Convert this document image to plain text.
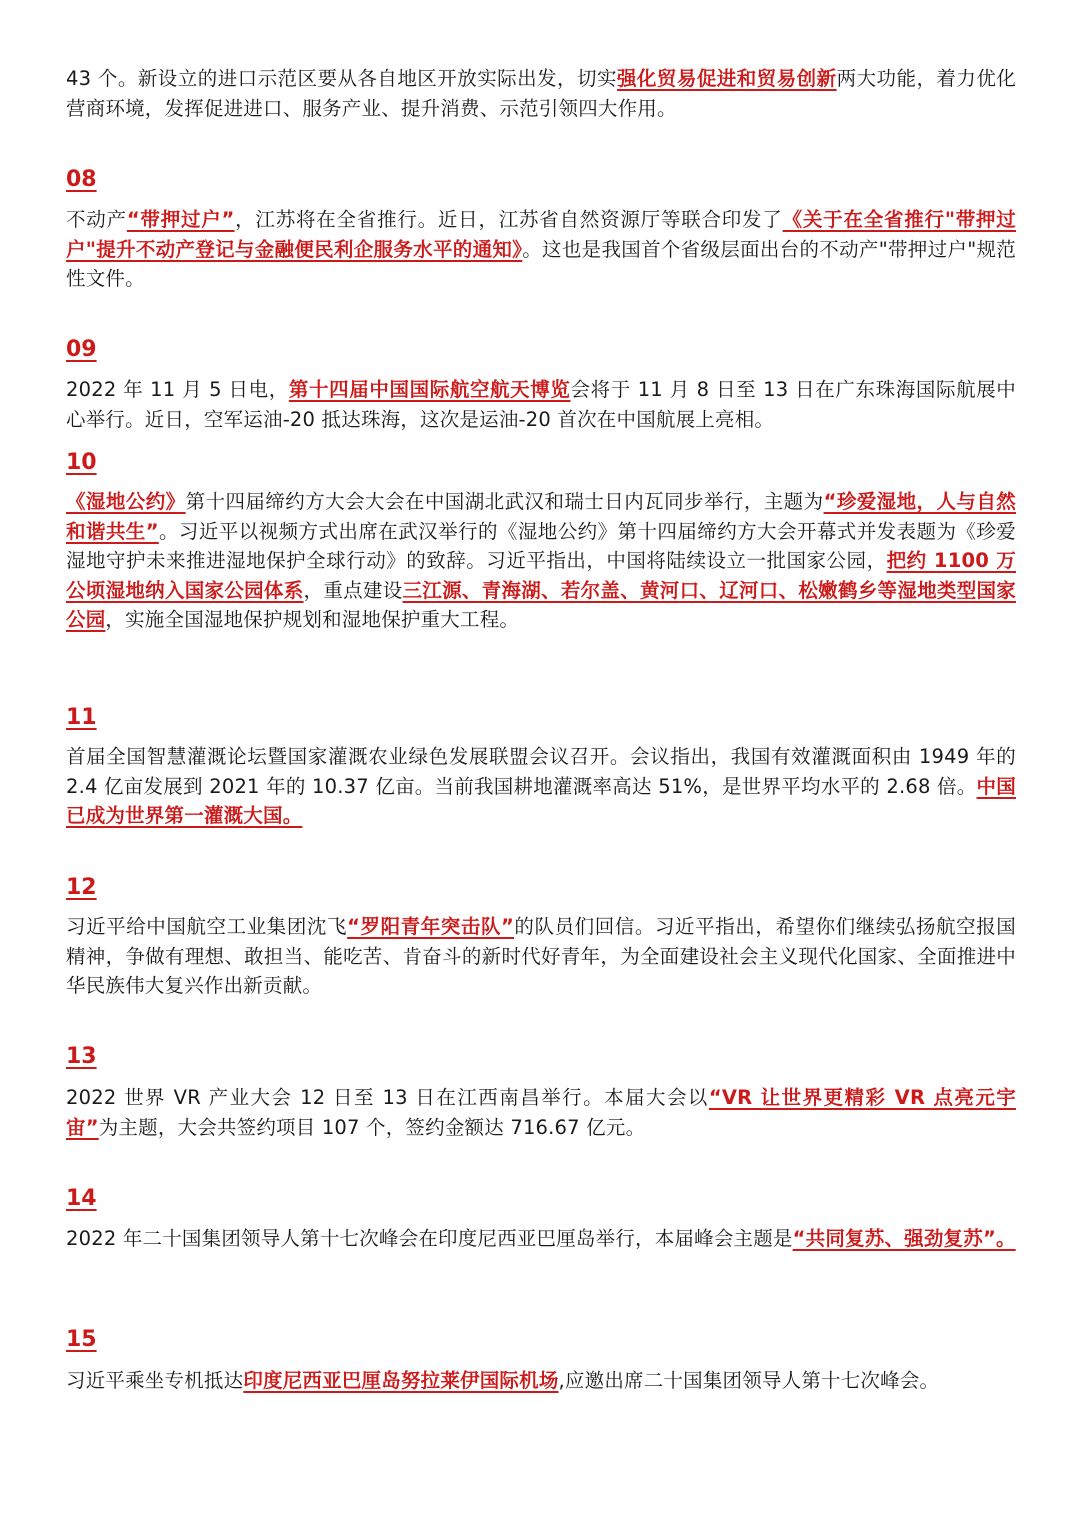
43 个。新设立的进口示范区要从各自地区开放实际出发，切实强化贸易促进和贸易创新两大功能，着力优化营商环境，发挥促进进口、服务产业、提升消费、示范引领四大作用。

08

不动产“带押过户”，江苏将在全省推行。近日，江苏省自然资源厅等联合印发了《关于在全省推行"带押过户"提升不动产登记与金融便民利企服务水平的通知》。这也是我国首个省级层面出台的不动产"带押过户"规范性文件。

09

2022 年 11 月 5 日电，第十四届中国国际航空航天博览会将于 11 月 8 日至 13 日在广东珠海国际航展中心举行。近日，空军运油-20 抵达珠海，这次是运油-20 首次在中国航展上亮相。

10

《湿地公约》第十四届缔约方大会大会在中国湖北武汉和瑞士日内瓦同步举行，主题为“珍爱湿地，人与自然和谐共生”。习近平以视频方式出席在武汉举行的《湿地公约》第十四届缔约方大会开幕式并发表题为《珍爱湿地守护未来推进湿地保护全球行动》的致辞。习近平指出，中国将陆续设立一批国家公园，把约 1100 万公顷湿地纳入国家公园体系，重点建设三江源、青海湖、若尔盖、黄河口、辽河口、松嫩鹤乡等湿地类型国家公园，实施全国湿地保护规划和湿地保护重大工程。

11

首届全国智慧灌溉论坛暨国家灌溉农业绿色发展联盟会议召开。会议指出，我国有效灌溉面积由 1949 年的 2.4 亿亩发展到 2021 年的 10.37 亿亩。当前我国耕地灌溉率高达 51%，是世界平均水平的 2.68 倍。中国已成为世界第一灌溉大国。

12

习近平给中国航空工业集团沈飞“罗阳青年突击队”的队员们回信。习近平指出，希望你们继续弘扬航空报国精神，争做有理想、敢担当、能吃苦、肯奋斗的新时代好青年，为全面建设社会主义现代化国家、全面推进中华民族伟大复兴作出新贡献。

13

2022 世界 VR 产业大会 12 日至 13 日在江西南昌举行。本届大会以“VR 让世界更精彩 VR 点亮元宇宙”为主题，大会共签约项目 107 个，签约金额达 716.67 亿元。

14

2022 年二十国集团领导人第十七次峰会在印度尼西亚巴厘岛举行，本届峰会主题是“共同复苏、强劲复苏”。

15

习近平乘坐专机抵达印度尼西亚巴厘岛努拉莱伊国际机场,应邀出席二十国集团领导人第十七次峰会。
